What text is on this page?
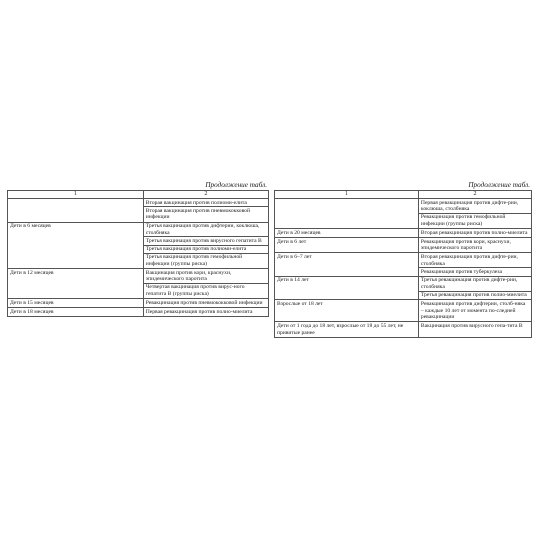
Продолжение табл.
1	2

	Вторая вакцинация против полиоми-елита
Вторая вакцинация против пневмококковой инфекции

Дети в 6 месяцев	Третья вакцинация против дифтерии, коклюша, столбняка
Третья вакцинация против вирусного гепатита В
Третья вакцинация против полиоми-елита
Третья вакцинация против гемофильной инфекции (группы риска)

Дети в 12 месяцев	Вакцинация против кори, краснухи, эпидемического паротита
Четвертая вакцинация против вирус-ного гепатита В (группы риска)

Дети в 15 месяцев	Ревакцинация против пневмококковой инфекции

Дети в 18 месяцев	Первая ревакцинация против полио-миелита
Продолжение табл.
1	2

	Первая ревакцинация против дифте-рии, коклюша, столбняка
Ревакцинация против гемофильной инфекции (группы риска)

Дети в 20 месяцев	Вторая ревакцинация против полио-миелита

Дети в 6 лет	Ревакцинация против кори, краснухи, эпидемического паротита

Дети в 6–7 лет	Вторая ревакцинация против дифте-рии, столбняка
Ревакцинация против туберкулеза

Дети в 14 лет	Третья ревакцинация против дифте-рии, столбняка
Третья ревакцинация против полио-миелита

Взрослые от 18 лет	Ревакцинация против дифтерии, столб-няка – каждые 10 лет от момента по-следней ревакцинации

Дети от 1 года до 18 лет, взрослые от 18 до 55 лет, не привитые ранее	Вакцинация против вирусного гепа-тита В
